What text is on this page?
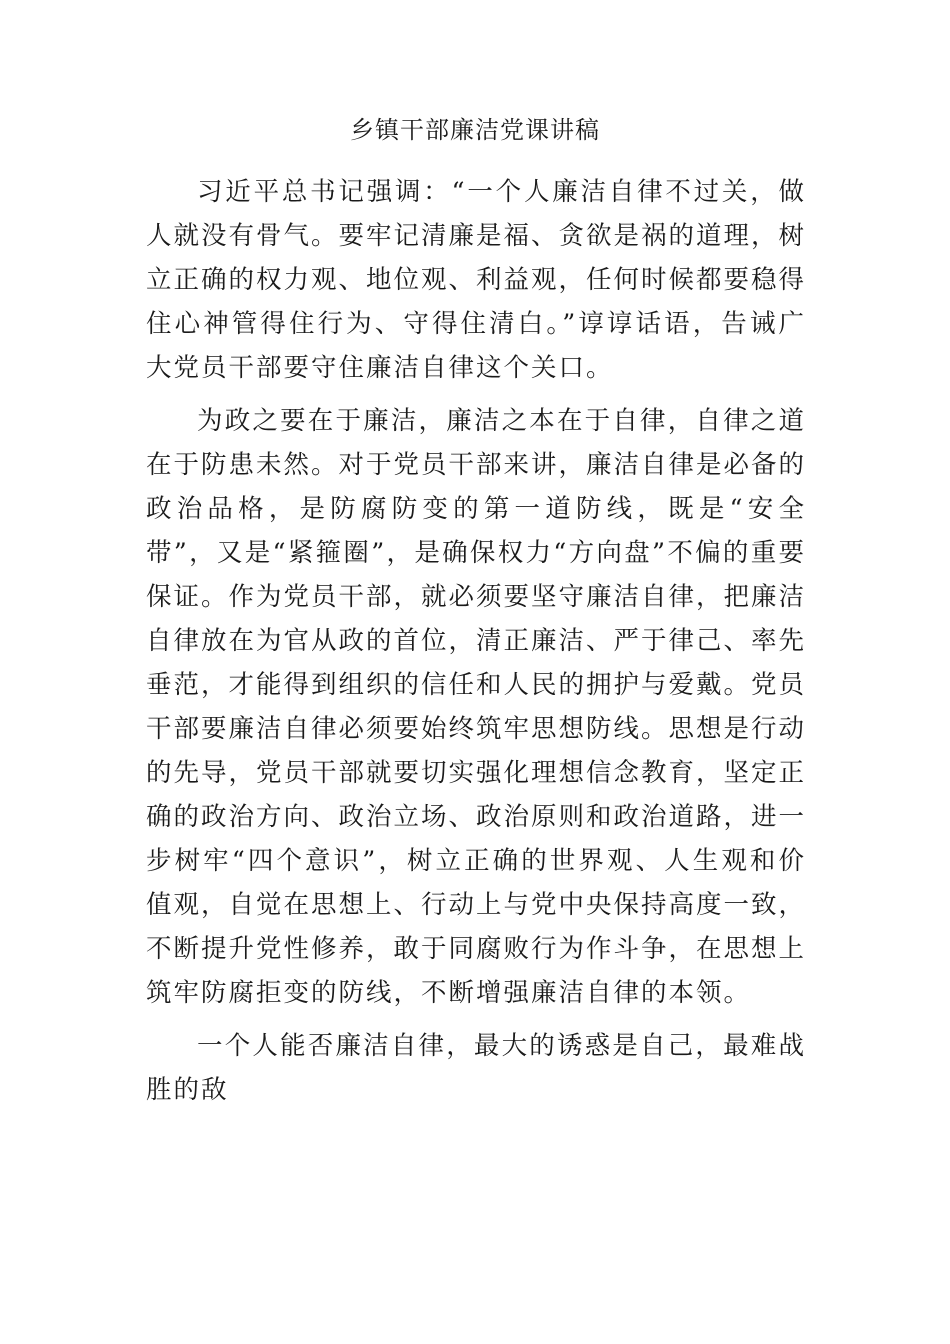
乡镇干部廉洁党课讲稿

习近平总书记强调：“一个人廉洁自律不过关，做人就没有骨气。要牢记清廉是福、贪欲是祸的道理，树立正确的权力观、地位观、利益观，任何时候都要稳得住心神管得住行为、守得住清白。”谆谆话语，告诫广大党员干部要守住廉洁自律这个关口。

为政之要在于廉洁，廉洁之本在于自律，自律之道在于防患未然。对于党员干部来讲，廉洁自律是必备的政治品格，是防腐防变的第一道防线，既是“安全带”，又是“紧箍圈”，是确保权力“方向盘”不偏的重要保证。作为党员干部，就必须要坚守廉洁自律，把廉洁自律放在为官从政的首位，清正廉洁、严于律己、率先垂范，才能得到组织的信任和人民的拥护与爱戴。党员干部要廉洁自律必须要始终筑牢思想防线。思想是行动的先导，党员干部就要切实强化理想信念教育，坚定正确的政治方向、政治立场、政治原则和政治道路，进一步树牢“四个意识”，树立正确的世界观、人生观和价值观，自觉在思想上、行动上与党中央保持高度一致，不断提升党性修养，敢于同腐败行为作斗争，在思想上筑牢防腐拒变的防线，不断增强廉洁自律的本领。

一个人能否廉洁自律，最大的诱惑是自己，最难战胜的敌
